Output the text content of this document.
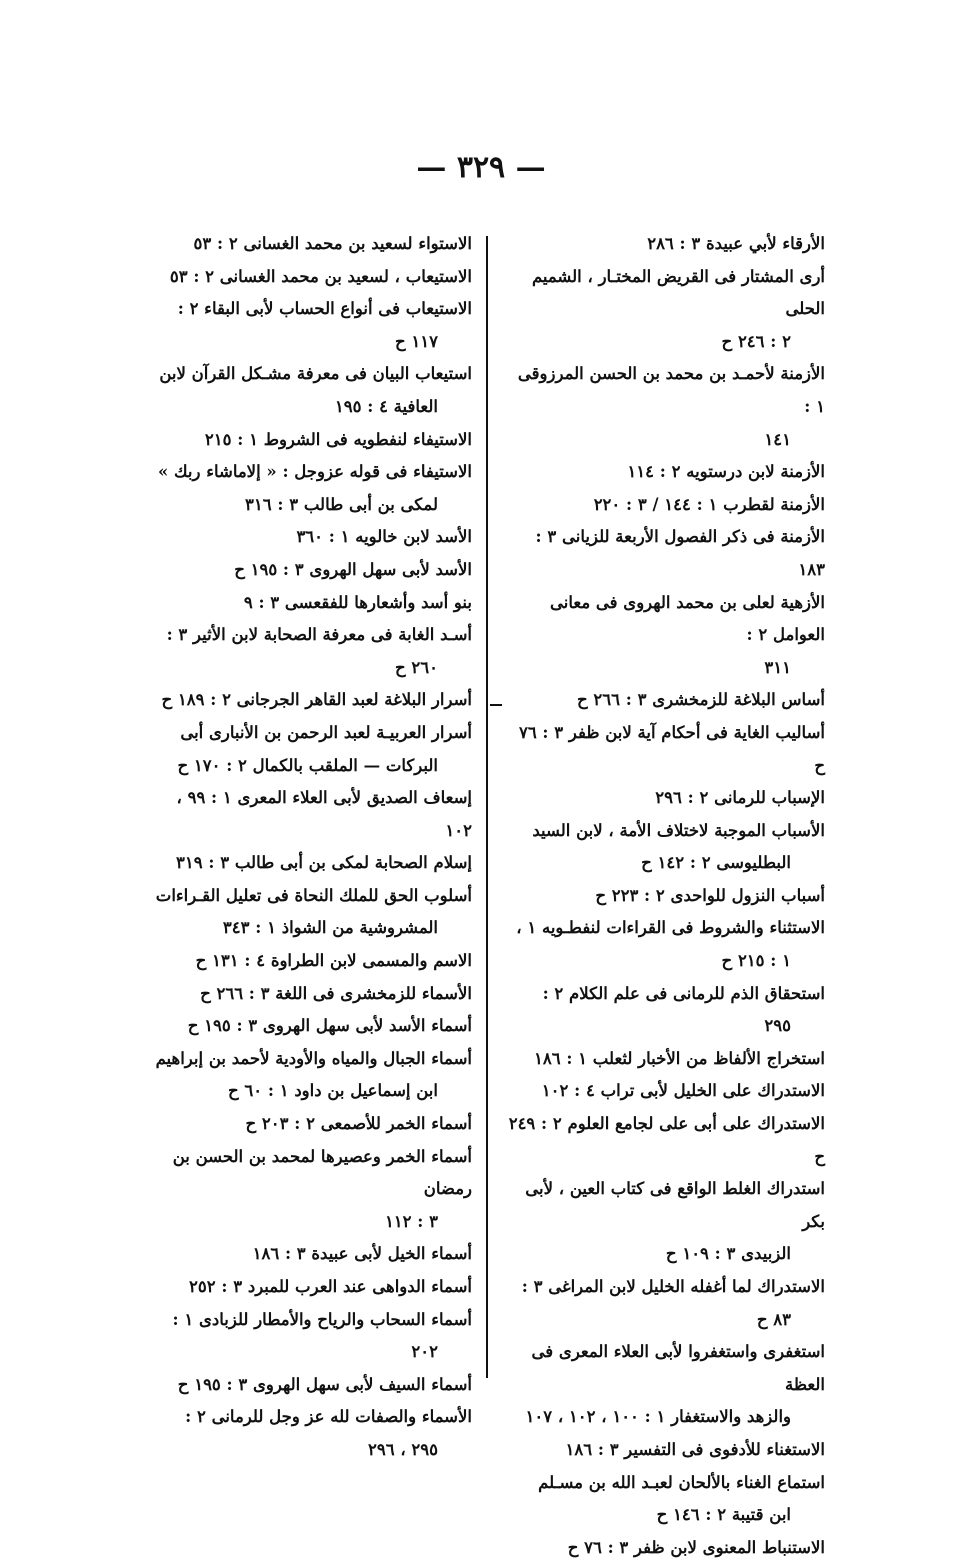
— ٣٢٩ —

الأرقاء لأبي عبيدة ٣ : ٢٨٦

أرى المشتار فى القريض المختـار ، الشميم الحلى
٢ : ٢٤٦ ح

الأزمنة لأحمـد بن محمد بن الحسن المرزوقى ١ :
١٤١

الأزمنة لابن درستويه ٢ : ١١٤

الأزمنة لقطرب ١ : ١٤٤ / ٣ : ٢٢٠

الأزمنة فى ذكر الفصول الأربعة للزيانى ٣ : ١٨٣

الأزهية لعلى بن محمد الهروى فى معانى العوامل ٢ :
٣١١

أساس البلاغة للزمخشرى ٣ : ٢٦٦ ح

أساليب الغاية فى أحكام آية لابن ظفر ٣ : ٧٦ ح

الإسباب للرمانى ٢ : ٢٩٦

الأسباب الموجبة لاختلاف الأمة ، لابن السيد
البطليوسى ٢ : ١٤٢ ح

أسباب النزول للواحدى ٢ : ٢٢٣ ح

الاستثناء والشروط فى القراءات لنفطـويه ١ ،
١ : ٢١٥ ح

استحقاق الذم للرمانى فى علم الكلام ٢ :
٢٩٥

استخراج الألفاظ من الأخبار لثعلب ١ : ١٨٦

الاستدراك على الخليل لأبى تراب ٤ : ١٠٢

الاستدراك على أبى على لجامع العلوم ٢ : ٢٤٩ ح

استدراك الغلط الواقع فى كتاب العين ، لأبى بكر
الزبيدى ٣ : ١٠٩ ح

الاستدراك لما أغفله الخليل لابن المراغى ٣ :
٨٣ ح

استغفرى واستغفروا لأبى العلاء المعرى فى العظة
والزهد والاستغفار ١ : ١٠٠ ، ١٠٢ ، ١٠٧

الاستغناء للأدفوى فى التفسير ٣ : ١٨٦

استماع الغناء بالألحان لعبـد الله بن مسـلم
ابن قتيبة ٢ : ١٤٦ ح

الاستنباط المعنوى لابن ظفر ٣ : ٧٦ ح

الاستواء لسعيد بن محمد الغسانى ٢ : ٥٣

الاستيعاب ، لسعيد بن محمد الغسانى ٢ : ٥٣

الاستيعاب فى أنواع الحساب لأبى البقاء ٢ :
١١٧ ح

استيعاب البيان فى معرفة مشـكل القرآن لابن
العافية ٤ : ١٩٥

الاستيفاء لنفطويه فى الشروط ١ : ٢١٥

الاستيفاء فى قوله عزوجل : « إلاماشاء ربك »
لمكى بن أبى طالب ٣ : ٣١٦

الأسد لابن خالويه ١ : ٣٦٠

الأسد لأبى سهل الهروى ٣ : ١٩٥ ح

بنو أسد وأشعارها للفقعسى ٣ : ٩

أسـد الغابة فى معرفة الصحابة لابن الأثير ٣ :
٢٦٠ ح

أسرار البلاغة لعبد القاهر الجرجانى ٢ : ١٨٩ ح

أسرار العربيـة لعبد الرحمن بن الأنبارى أبى
البركات — الملقب بالكمال ٢ : ١٧٠ ح

إسعاف الصديق لأبى العلاء المعرى ١ : ٩٩ ، ١٠٢

إسلام الصحابة لمكى بن أبى طالب ٣ : ٣١٩

أسلوب الحق للملك النحاة فى تعليل القـراءات
المشروشية من الشواذ ١ : ٣٤٣

الاسم والمسمى لابن الطراوة ٤ : ١٣١ ح

الأسماء للزمخشرى فى اللغة ٣ : ٢٦٦ ح

أسماء الأسد لأبى سهل الهروى ٣ : ١٩٥ ح

أسماء الجبال والمياه والأودية لأحمد بن إبراهيم
ابن إسماعيل بن داود ١ : ٦٠ ح

أسماء الخمر للأصمعى ٢ : ٢٠٣ ح

أسماء الخمر وعصيرها لمحمد بن الحسن بن رمضان
٣ : ١١٢

أسماء الخيل لأبى عبيدة ٣ : ١٨٦

أسماء الدواهى عند العرب للمبرد ٣ : ٢٥٢

أسماء السحاب والرياح والأمطار للزبادى ١ :
٢٠٢

أسماء السيف لأبى سهل الهروى ٣ : ١٩٥ ح

الأسماء والصفات لله عز وجل للرمانى ٢ :
٢٩٥ ، ٢٩٦
